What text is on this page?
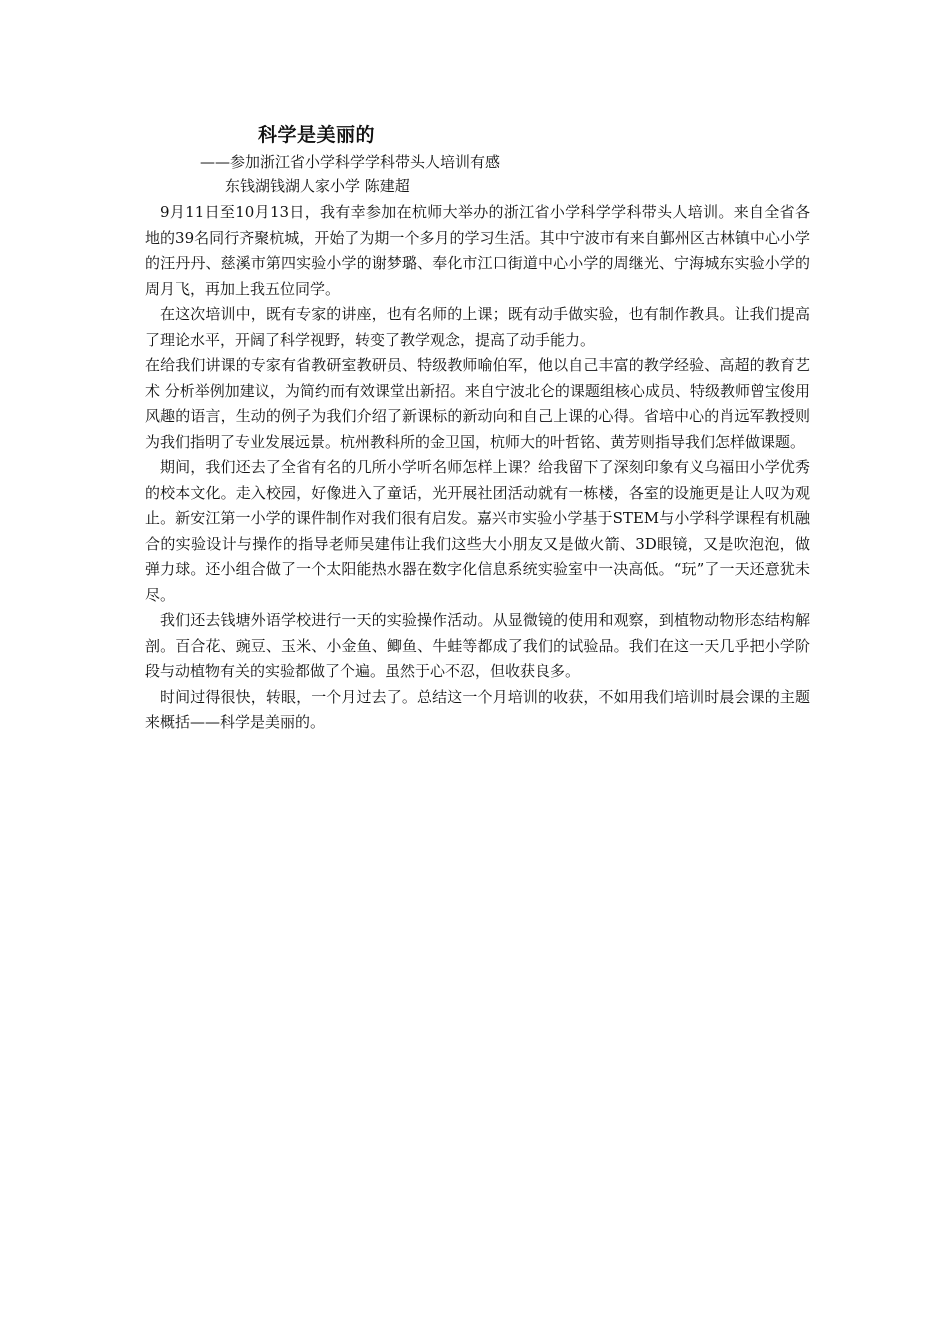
科学是美丽的

——参加浙江省小学科学学科带头人培训有感

东钱湖钱湖人家小学 陈建超

9月11日至10月13日，我有幸参加在杭师大举办的浙江省小学科学学科带头人培训。来自全省各地的39名同行齐聚杭城，开始了为期一个多月的学习生活。其中宁波市有来自鄞州区古林镇中心小学的汪丹丹、慈溪市第四实验小学的谢梦璐、奉化市江口街道中心小学的周继光、宁海城东实验小学的周月飞，再加上我五位同学。

在这次培训中，既有专家的讲座，也有名师的上课；既有动手做实验，也有制作教具。让我们提高了理论水平，开阔了科学视野，转变了教学观念，提高了动手能力。

在给我们讲课的专家有省教研室教研员、特级教师喻伯军，他以自己丰富的教学经验、高超的教育艺术 分析举例加建议，为简约而有效课堂出新招。来自宁波北仑的课题组核心成员、特级教师曾宝俊用风趣的语言，生动的例子为我们介绍了新课标的新动向和自己上课的心得。省培中心的肖远军教授则为我们指明了专业发展远景。杭州教科所的金卫国，杭师大的叶哲铭、黄芳则指导我们怎样做课题。

期间，我们还去了全省有名的几所小学听名师怎样上课？给我留下了深刻印象有义乌福田小学优秀的校本文化。走入校园，好像进入了童话，光开展社团活动就有一栋楼，各室的设施更是让人叹为观止。新安江第一小学的课件制作对我们很有启发。嘉兴市实验小学基于STEM与小学科学课程有机融合的实验设计与操作的指导老师吴建伟让我们这些大小朋友又是做火箭、3D眼镜，又是吹泡泡，做弹力球。还小组合做了一个太阳能热水器在数字化信息系统实验室中一决高低。“玩”了一天还意犹未尽。

我们还去钱塘外语学校进行一天的实验操作活动。从显微镜的使用和观察，到植物动物形态结构解剖。百合花、豌豆、玉米、小金鱼、鲫鱼、牛蛙等都成了我们的试验品。我们在这一天几乎把小学阶段与动植物有关的实验都做了个遍。虽然于心不忍，但收获良多。

时间过得很快，转眼，一个月过去了。总结这一个月培训的收获，不如用我们培训时晨会课的主题来概括——科学是美丽的。
